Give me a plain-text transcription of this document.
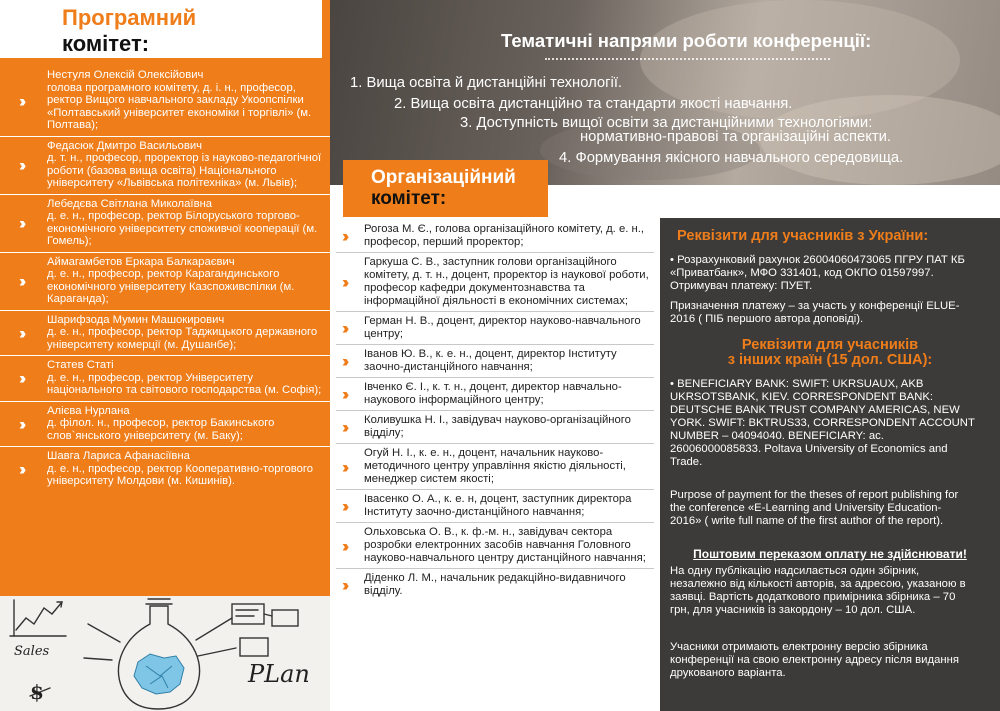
Програмний
комітет:
››
Нестуля Олексій Олексійович
голова програмного комітету, д. і. н., професор, ректор Вищого навчального закладу Укоопспілки «Полтавський університет економіки і торгівлі» (м. Полтава);
››
Федасюк Дмитро Васильович
д. т. н., професор, проректор із науково-педагогічної роботи (базова вища освіта) Національного університету «Львівська політехніка» (м. Львів);
››
Лебедєва Світлана Миколаївна
д. е. н., професор, ректор Білоруського торгово-економічного університету споживчої кооперації (м. Гомель);
››
Аймагамбетов Еркара Балкараєвич
д. е. н., професор, ректор Карагандинського економічного університету Казспоживспілки (м. Караганда);
››
Шарифзода Мумин Машокирович
д. е. н., професор, ректор Таджицького державного університету комерції (м. Душанбе);
››
Статев Статі
д. е. н., професор, ректор Університету національного та світового господарства (м. Софія);
››
Алієва Нурлана
д. філол. н., професор, ректор Бакинського слов`янського університету (м. Баку);
››
Шавга Лариса Афанасіївна
д. е. н., професор, ректор Кооперативно-торгового університету Молдови (м. Кишинів).
Sales
PLan
$
Тематичні напрями роботи конференції:
1. Вища освіта й дистанційні технології.
2. Вища освіта дистанційно та стандарти якості навчання.
3. Доступність вищої освіти за дистанційними технологіями:
нормативно-правові та організаційні аспекти.
4. Формування якісного навчального середовища.
Організаційний
комітет:
›› Рогоза М. Є., голова організаційного комітету, д. е. н., професор, перший проректор;
››
Гаркуша С. В., заступник голови організаційного комітету, д. т. н., доцент, проректор із наукової роботи, професор кафедри документознавства та інформаційної діяльності в економічних системах;
›› Герман Н. В., доцент, директор науково-навчального центру;
›› Іванов Ю. В., к. е. н., доцент, директор Інституту заочно-дистанційного навчання;
›› Івченко Є. І., к. т. н., доцент, директор навчально-наукового інформаційного центру;
›› Коливушка Н. І., завідувач науково-організаційного відділу;
››
Огуй Н. І., к. е. н., доцент, начальник науково-методичного центру управління якістю діяльності, менеджер систем якості;
›› Івасенко О. А., к. е. н, доцент, заступник директора Інституту заочно-дистанційного навчання;
››
Ольховська О. В., к. ф.-м. н., завідувач сектора розробки електронних засобів навчання Головного науково-навчального центру дистанційного навчання;
›› Діденко Л. М., начальник редакційно-видавничого відділу.
Реквізити для учасників з України:
• Розрахунковий рахунок 26004060473065 ПГРУ ПАТ КБ «Приватбанк», МФО 331401, код ОКПО 01597997. Отримувач платежу: ПУЕТ.
Призначення платежу – за участь у конференції ELUE-2016 ( ПІБ першого автора доповіді).
Реквізити для учасників
з інших країн (15 дол. США):
• BENEFICIARY BANK: SWIFT: UKRSUAUX, AKB UKRSOTSBANK, KIEV. CORRESPONDENT BANK: DEUTSCHE BANK TRUST COMPANY AMERICAS, NEW YORK. SWIFT: BKTRUS33, CORRESPONDENT ACCOUNT NUMBER – 04094040. BENEFICIARY: ac. 26006000085833. Poltava University of Economics and Trade.
Purpose of payment for the theses of report publishing for the conference «E-Learning and University Education-2016» ( write full name of the first author of the report).
Поштовим переказом оплату не здійснювати!
На одну публікацію надсилається один збірник, незалежно від кількості авторів, за адресою, указаною в заявці. Вартість додаткового примірника збірника – 70 грн, для учасників із закордону – 10 дол. США.
Учасники отримають електронну версію збірника конференції на свою електронну адресу після видання друкованого варіанта.
